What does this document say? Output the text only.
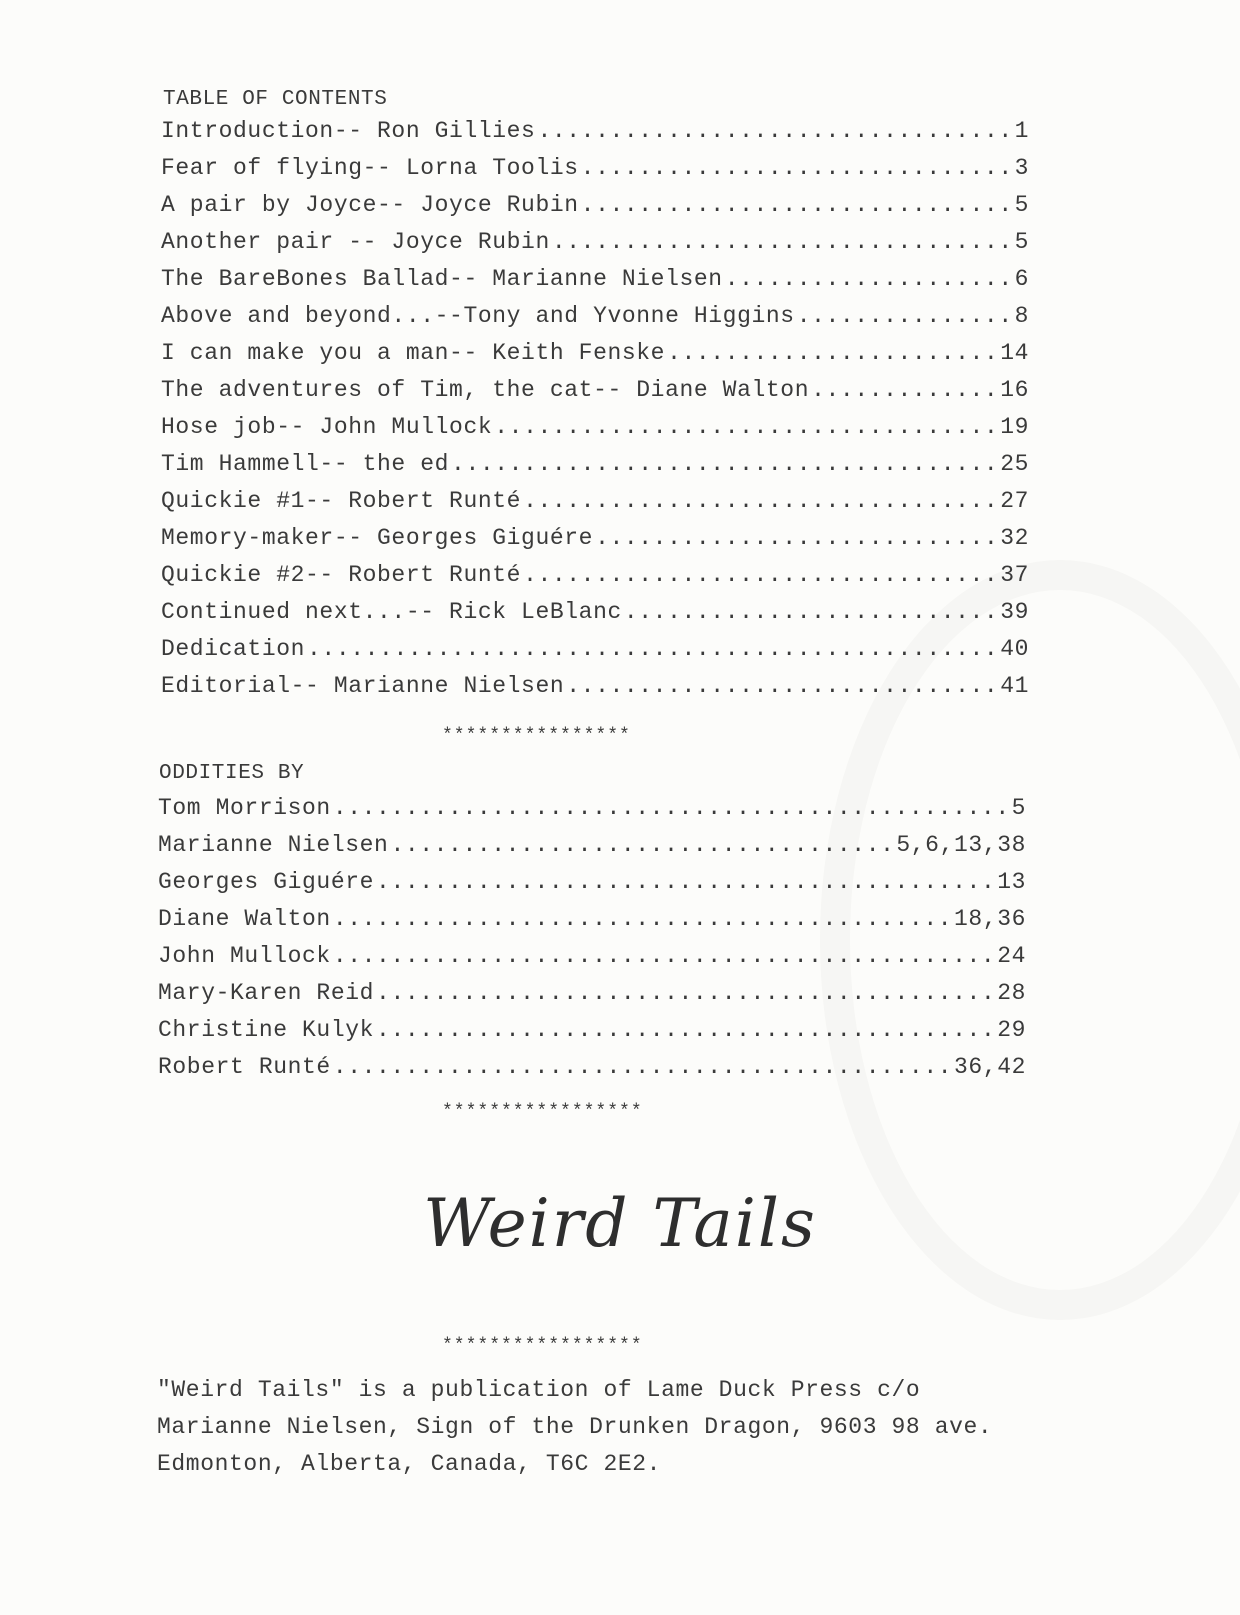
TABLE OF CONTENTS
Introduction-- Ron Gillies .....	1
Fear of flying-- Lorna Toolis .....	3
A pair by Joyce-- Joyce Rubin .....	5
Another pair -- Joyce Rubin .....	5
The BareBones Ballad-- Marianne Nielsen .....	6
Above and beyond...--Tony and Yvonne Higgins .....	8
I can make you a man-- Keith Fenske .....	14
The adventures of Tim, the cat-- Diane Walton .....	16
Hose job-- John Mullock .....	19
Tim Hammell-- the ed .....	25
Quickie #1-- Robert Runté .....	27
Memory-maker-- Georges Giguére .....	32
Quickie #2-- Robert Runté .....	37
Continued next...-- Rick LeBlanc .....	39
Dedication .....	40
Editorial-- Marianne Nielsen .....	41
****************
ODDITIES BY
Tom Morrison .....	5
Marianne Nielsen .....	5,6,13,38
Georges Giguére .....	13
Diane Walton .....	18,36
John Mullock .....	24
Mary-Karen Reid .....	28
Christine Kulyk .....	29
Robert Runté .....	36,42
*****************
Weird Tails
*****************
"Weird Tails" is a publication of Lame Duck Press c/o
Marianne Nielsen, Sign of the Drunken Dragon, 9603 98 ave.
Edmonton, Alberta, Canada, T6C 2E2.
